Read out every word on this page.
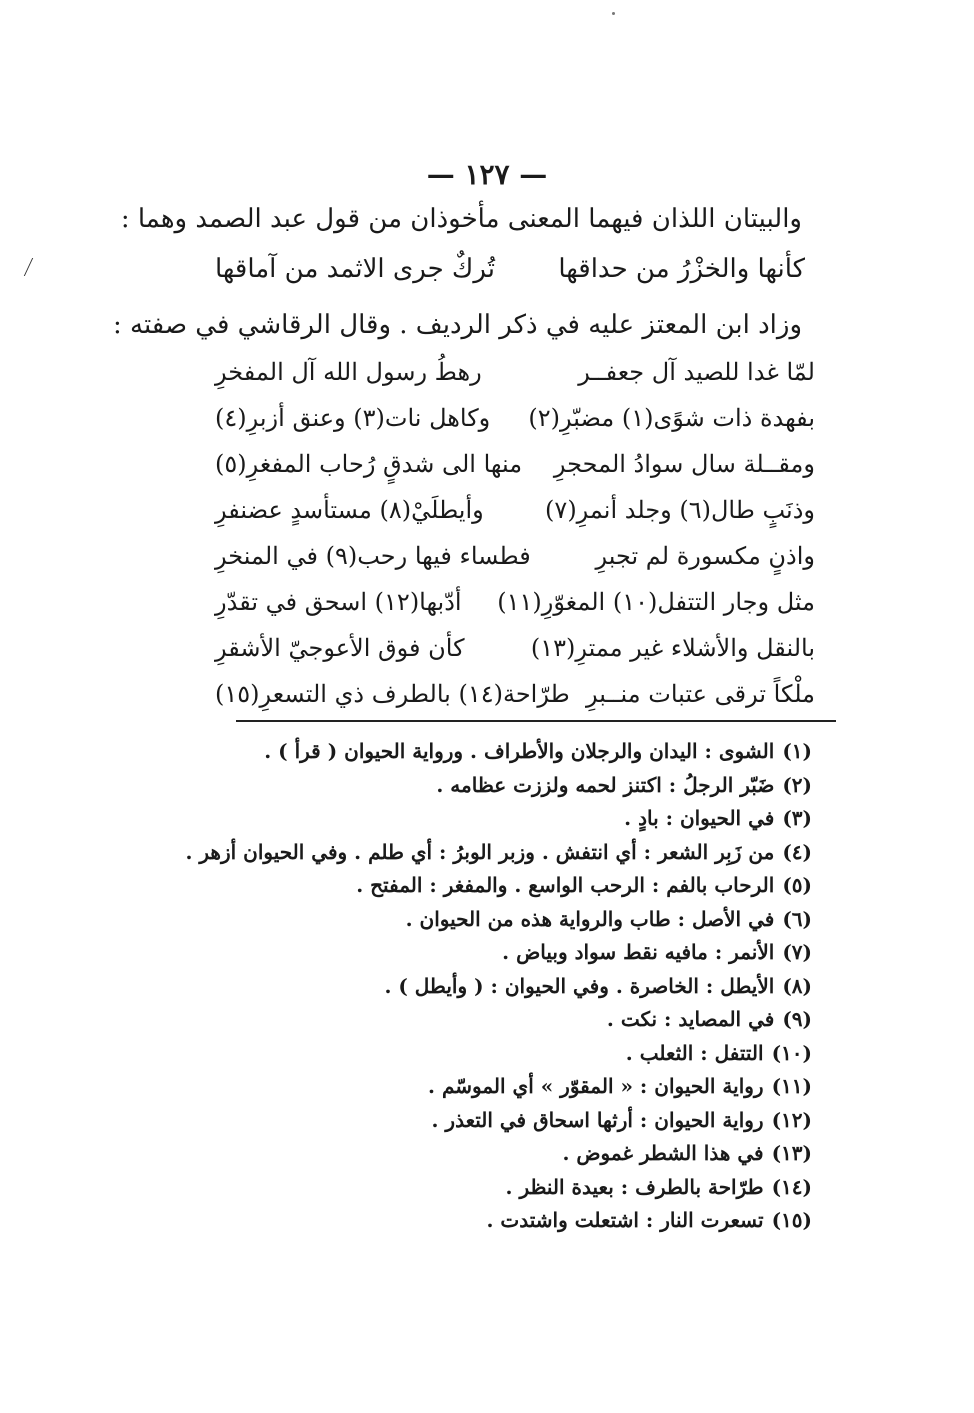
— ١٢٧ —
والبيتان اللذان فيهما المعنى مأخوذان من قول عبد الصمد وهما :
كأنها والخزْرُ من حداقها
تُركٌ جرى الاثمد من آماقها
وزاد ابن المعتز عليه في ذكر الرديف . وقال الرقاشي في صفته :
لمّا غدا للصيد آل جعفــر
رهطُ رسول الله آل المفخرِ
بفهدة ذات شوًى(١) مضبّرِ(٢)
وكاهل نات(٣) وعنق أزبرِ(٤)
ومقــلة سال سوادُ المحجرِ
منها الى شدقٍ رُحاب المفغرِ(٥)
وذنَبٍ طال(٦) وجلد أنمرِ(٧)
وأيطلَيْ(٨) مستأسدٍ عضنفرِ
واذنٍ مكسورة لم تجبرِ
فطساء فيها رحب(٩) في المنخرِ
مثل وجار التتفل(١٠) المغوّرِ(١١)
أدّبها(١٢) اسحق في تقدّرِ
بالنقل والأشلاء غير ممترِ(١٣)
كأن فوق الأعوجيّ الأشقرِ
ملْكاً ترقى عتبات منــبرِ
طرّاحة(١٤) بالطرف ذي التسعرِ(١٥)
(١)الشوى : اليدان والرجلان والأطراف . ورواية الحيوان ( قرأ ) .
(٢)ضَبّر الرجلُ : اكتنز لحمه ولززت عظامه .
(٣)في الحيوان : بادٍ .
(٤)من زَبِر الشعر : أي انتفش . وزبر الوبرُ : أي طلم . وفي الحيوان أزهر .
(٥)الرحاب بالفم : الرحب الواسع . والمفغر : المفتح .
(٦)في الأصل : طاب والرواية هذه من الحيوان .
(٧)الأنمر : مافيه نقط سواد وبياض .
(٨)الأيطل : الخاصرة . وفي الحيوان : ( وأيطل ) .
(٩)في المصايد : نكت .
(١٠)التتفل : الثعلب .
(١١)رواية الحيوان : « المقوّر » أي الموسّم .
(١٢)رواية الحيوان : أرثها اسحاق في التعذر .
(١٣)في هذا الشطر غموض .
(١٤)طرّاحة بالطرف : بعيدة النظر .
(١٥)تسعرت النار : اشتعلت واشتدت .
